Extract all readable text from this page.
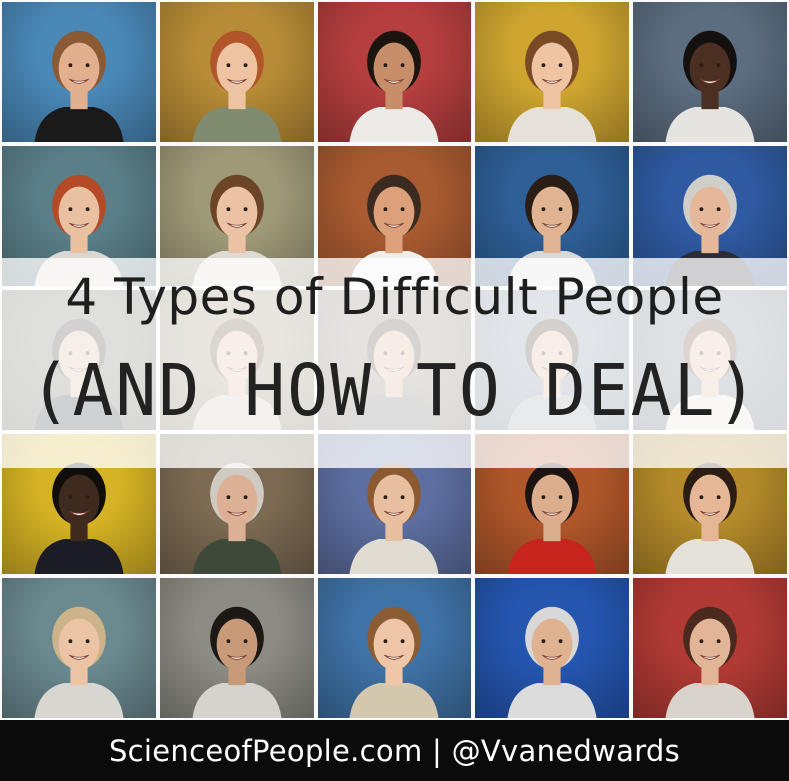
4 Types of Difficult People
(AND HOW TO DEAL)
ScienceofPeople.com | @Vvanedwards
